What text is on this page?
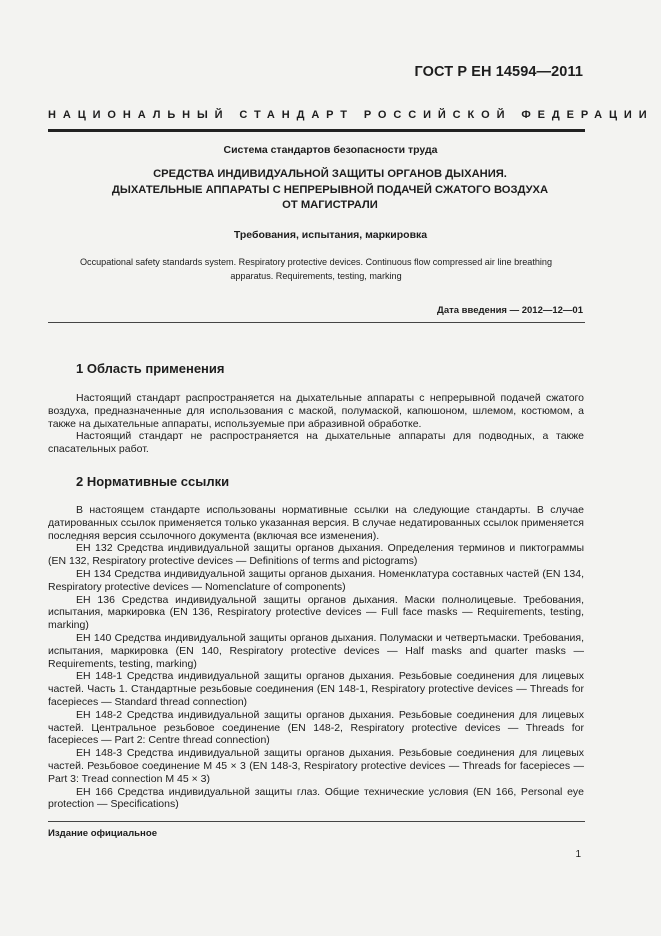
ГОСТ Р ЕН 14594—2011
НАЦИОНАЛЬНЫЙ СТАНДАРТ РОССИЙСКОЙ ФЕДЕРАЦИИ
Система стандартов безопасности труда
СРЕДСТВА ИНДИВИДУАЛЬНОЙ ЗАЩИТЫ ОРГАНОВ ДЫХАНИЯ.
ДЫХАТЕЛЬНЫЕ АППАРАТЫ С НЕПРЕРЫВНОЙ ПОДАЧЕЙ СЖАТОГО ВОЗДУХА
ОТ МАГИСТРАЛИ
Требования, испытания, маркировка
Occupational safety standards system. Respiratory protective devices. Continuous flow compressed air line breathing
apparatus. Requirements, testing, marking
Дата введения — 2012—12—01
1 Область применения

Настоящий стандарт распространяется на дыхательные аппараты с непрерывной подачей сжатого воздуха, предназначенные для использования с маской, полумаской, капюшоном, шлемом, костюмом, а также на дыхательные аппараты, используемые при абразивной обработке.

Настоящий стандарт не распространяется на дыхательные аппараты для подводных, а также спасательных работ.

2 Нормативные ссылки

В настоящем стандарте использованы нормативные ссылки на следующие стандарты. В случае датированных ссылок применяется только указанная версия. В случае недатированных ссылок применяется последняя версия ссылочного документа (включая все изменения).

ЕН 132 Средства индивидуальной защиты органов дыхания. Определения терминов и пиктограммы (EN 132, Respiratory protective devices — Definitions of terms and pictograms)

ЕН 134 Средства индивидуальной защиты органов дыхания. Номенклатура составных частей (EN 134, Respiratory protective devices — Nomenclature of components)

ЕН 136 Средства индивидуальной защиты органов дыхания. Маски полнолицевые. Требования, испытания, маркировка (EN 136, Respiratory protective devices — Full face masks — Requirements, testing, marking)

ЕН 140 Средства индивидуальной защиты органов дыхания. Полумаски и четвертьмаски. Требования, испытания, маркировка (EN 140, Respiratory protective devices — Half masks and quarter masks — Requirements, testing, marking)

ЕН 148-1 Средства индивидуальной защиты органов дыхания. Резьбовые соединения для лицевых частей. Часть 1. Стандартные резьбовые соединения (EN 148-1, Respiratory protective devices — Threads for facepieces — Standard thread connection)

ЕН 148-2 Средства индивидуальной защиты органов дыхания. Резьбовые соединения для лицевых частей. Центральное резьбовое соединение (EN 148-2, Respiratory protective devices — Threads for facepieces — Part 2: Centre thread connection)

ЕН 148-3 Средства индивидуальной защиты органов дыхания. Резьбовые соединения для лицевых частей. Резьбовое соединение М 45 × 3 (EN 148-3, Respiratory protective devices — Threads for facepieces — Part 3: Tread connection M 45 × 3)

ЕН 166 Средства индивидуальной защиты глаз. Общие технические условия (EN 166, Personal eye protection — Specifications)

Издание официальное
1
